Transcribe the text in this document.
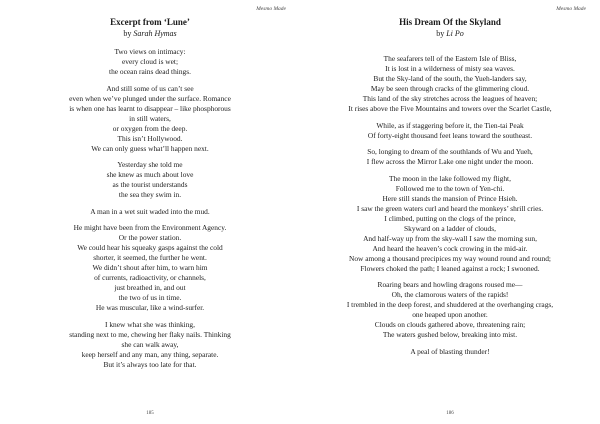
Mesmo Made
Excerpt from ‘Lune’
by Sarah Hymas

Two views on intimacy:
every cloud is wet;
the ocean rains dead things.

And still some of us can’t see
even when we’ve plunged under the surface. Romance
is when one has learnt to disappear – like phosphorous
in still waters,
or oxygen from the deep.
This isn’t Hollywood.
We can only guess what’ll happen next.

Yesterday she told me
she knew as much about love
as the tourist understands
the sea they swim in.

A man in a wet suit waded into the mud.

He might have been from the Environment Agency.
Or the power station.
We could hear his squeaky gasps against the cold
shorter, it seemed, the further he went.
We didn’t shout after him, to warn him
of currents, radioactivity, or channels,
just breathed in, and out
the two of us in time.
He was muscular, like a wind-surfer.

I knew what she was thinking,
standing next to me, chewing her flaky nails. Thinking
she can walk away,
keep herself and any man, any thing, separate.
But it’s always too late for that.

185
Mesmo Made
His Dream Of the Skyland
by Li Po

The seafarers tell of the Eastern Isle of Bliss,
It is lost in a wilderness of misty sea waves.
But the Sky-land of the south, the Yueh-landers say,
May be seen through cracks of the glimmering cloud.
This land of the sky stretches across the leagues of heaven;
It rises above the Five Mountains and towers over the Scarlet Castle,

While, as if staggering before it, the Tien-tai Peak
Of forty-eight thousand feet leans toward the southeast.

So, longing to dream of the southlands of Wu and Yueh,
I flew across the Mirror Lake one night under the moon.

The moon in the lake followed my flight,
Followed me to the town of Yen-chi.
Here still stands the mansion of Prince Hsieh.
I saw the green waters curl and heard the monkeys’ shrill cries.
I climbed, putting on the clogs of the prince,
Skyward on a ladder of clouds,
And half-way up from the sky-wall I saw the morning sun,
And heard the heaven’s cock crowing in the mid-air.
Now among a thousand precipices my way wound round and round;
Flowers choked the path; I leaned against a rock; I swooned.

Roaring bears and howling dragons roused me—
Oh, the clamorous waters of the rapids!
I trembled in the deep forest, and shuddered at the overhanging crags,
one heaped upon another.
Clouds on clouds gathered above, threatening rain;
The waters gushed below, breaking into mist.

A peal of blasting thunder!

186
